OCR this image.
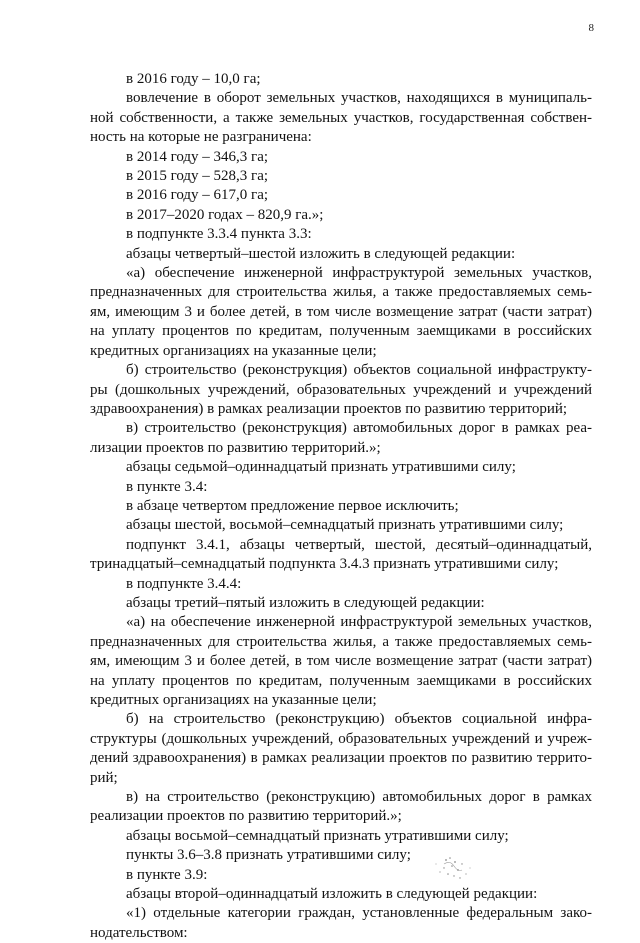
8
в 2016 году – 10,0 га;
вовлечение в оборот земельных участков, находящихся в муниципаль-
ной собственности, а также земельных участков, государственная собствен-
ность на которые не разграничена:
в 2014 году – 346,3 га;
в 2015 году – 528,3 га;
в 2016 году – 617,0 га;
в 2017–2020 годах – 820,9 га.»;
в подпункте 3.3.4 пункта 3.3:
абзацы четвертый–шестой изложить в следующей редакции:
«а) обеспечение инженерной инфраструктурой земельных участков,
предназначенных для строительства жилья, а также предоставляемых семь-
ям, имеющим 3 и более детей, в том числе возмещение затрат (части затрат)
на уплату процентов по кредитам, полученным заемщиками в российских
кредитных организациях на указанные цели;
б) строительство (реконструкция) объектов социальной инфраструкту-
ры (дошкольных учреждений, образовательных учреждений и учреждений
здравоохранения) в рамках реализации проектов по развитию территорий;
в) строительство (реконструкция) автомобильных дорог в рамках реа-
лизации проектов по развитию территорий.»;
абзацы седьмой–одиннадцатый признать утратившими силу;
в пункте 3.4:
в абзаце четвертом предложение первое исключить;
абзацы шестой, восьмой–семнадцатый признать утратившими силу;
подпункт 3.4.1, абзацы четвертый, шестой, десятый–одиннадцатый,
тринадцатый–семнадцатый подпункта 3.4.3 признать утратившими силу;
в подпункте 3.4.4:
абзацы третий–пятый изложить в следующей редакции:
«а) на обеспечение инженерной инфраструктурой земельных участков,
предназначенных для строительства жилья, а также предоставляемых семь-
ям, имеющим 3 и более детей, в том числе возмещение затрат (части затрат)
на уплату процентов по кредитам, полученным заемщиками в российских
кредитных организациях на указанные цели;
б) на строительство (реконструкцию) объектов социальной инфра-
структуры (дошкольных учреждений, образовательных учреждений и учреж-
дений здравоохранения) в рамках реализации проектов по развитию террито-
рий;
в) на строительство (реконструкцию) автомобильных дорог в рамках
реализации проектов по развитию территорий.»;
абзацы восьмой–семнадцатый признать утратившими силу;
пункты 3.6–3.8 признать утратившими силу;
в пункте 3.9:
абзацы второй–одиннадцатый изложить в следующей редакции:
«1) отдельные категории граждан, установленные федеральным зако-
нодательством:
